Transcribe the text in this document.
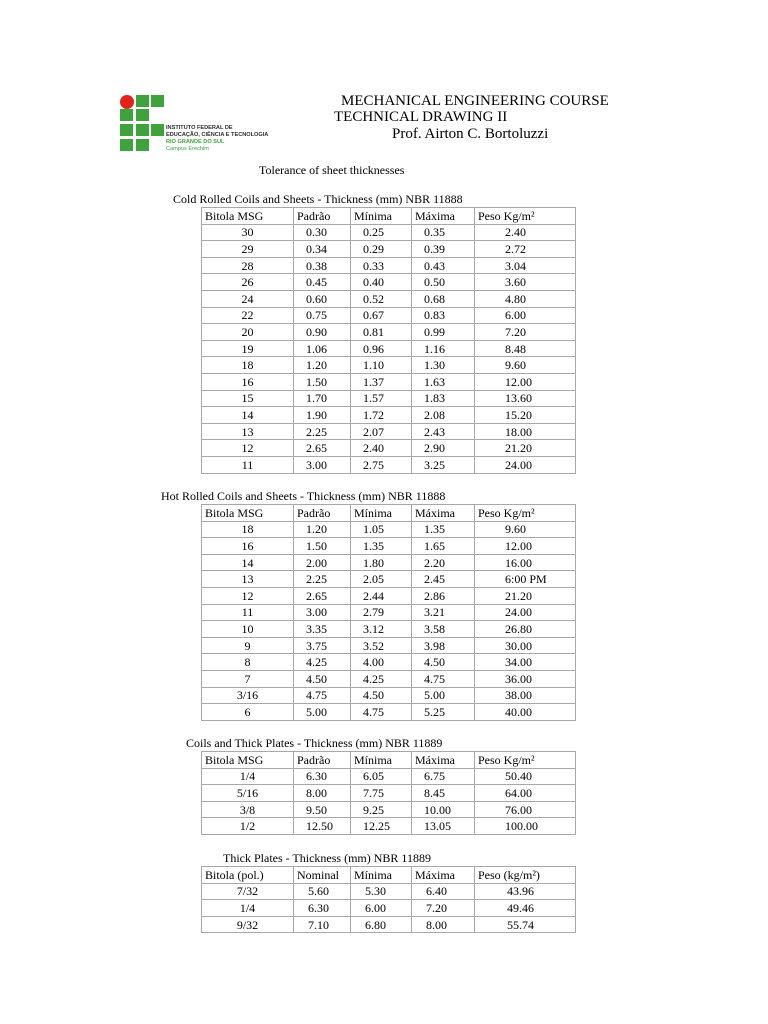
INSTITUTO FEDERAL DE
EDUCAÇÃO, CIÊNCIA E TECNOLOGIA
RIO GRANDE DO SUL
Campus Erechim
MECHANICAL ENGINEERING COURSE
TECHNICAL DRAWING II
Prof. Airton C. Bortoluzzi
Tolerance of sheet thicknesses
Cold Rolled Coils and Sheets - Thickness (mm) NBR 11888
Hot Rolled Coils and Sheets - Thickness (mm) NBR 11888
Coils and Thick Plates - Thickness (mm) NBR 11889
Thick Plates - Thickness (mm) NBR 11889
Bitola MSG	Padrão	Mínima	Máxima	Peso Kg/m²
30	0.30	0.25	0.35	2.40
29	0.34	0.29	0.39	2.72
28	0.38	0.33	0.43	3.04
26	0.45	0.40	0.50	3.60
24	0.60	0.52	0.68	4.80
22	0.75	0.67	0.83	6.00
20	0.90	0.81	0.99	7.20
19	1.06	0.96	1.16	8.48
18	1.20	1.10	1.30	9.60
16	1.50	1.37	1.63	12.00
15	1.70	1.57	1.83	13.60
14	1.90	1.72	2.08	15.20
13	2.25	2.07	2.43	18.00
12	2.65	2.40	2.90	21.20
11	3.00	2.75	3.25	24.00
Bitola MSG	Padrão	Mínima	Máxima	Peso Kg/m²
18	1.20	1.05	1.35	9.60
16	1.50	1.35	1.65	12.00
14	2.00	1.80	2.20	16.00
13	2.25	2.05	2.45	6:00 PM
12	2.65	2.44	2.86	21.20
11	3.00	2.79	3.21	24.00
10	3.35	3.12	3.58	26.80
9	3.75	3.52	3.98	30.00
8	4.25	4.00	4.50	34.00
7	4.50	4.25	4.75	36.00
3/16	4.75	4.50	5.00	38.00
6	5.00	4.75	5.25	40.00
Bitola MSG	Padrão	Mínima	Máxima	Peso Kg/m²
1/4	6.30	6.05	6.75	50.40
5/16	8.00	7.75	8.45	64.00
3/8	9.50	9.25	10.00	76.00
1/2	12.50	12.25	13.05	100.00
Bitola (pol.)	Nominal	Mínima	Máxima	Peso (kg/m²)
7/32	5.60	5.30	6.40	43.96
1/4	6.30	6.00	7.20	49.46
9/32	7.10	6.80	8.00	55.74
